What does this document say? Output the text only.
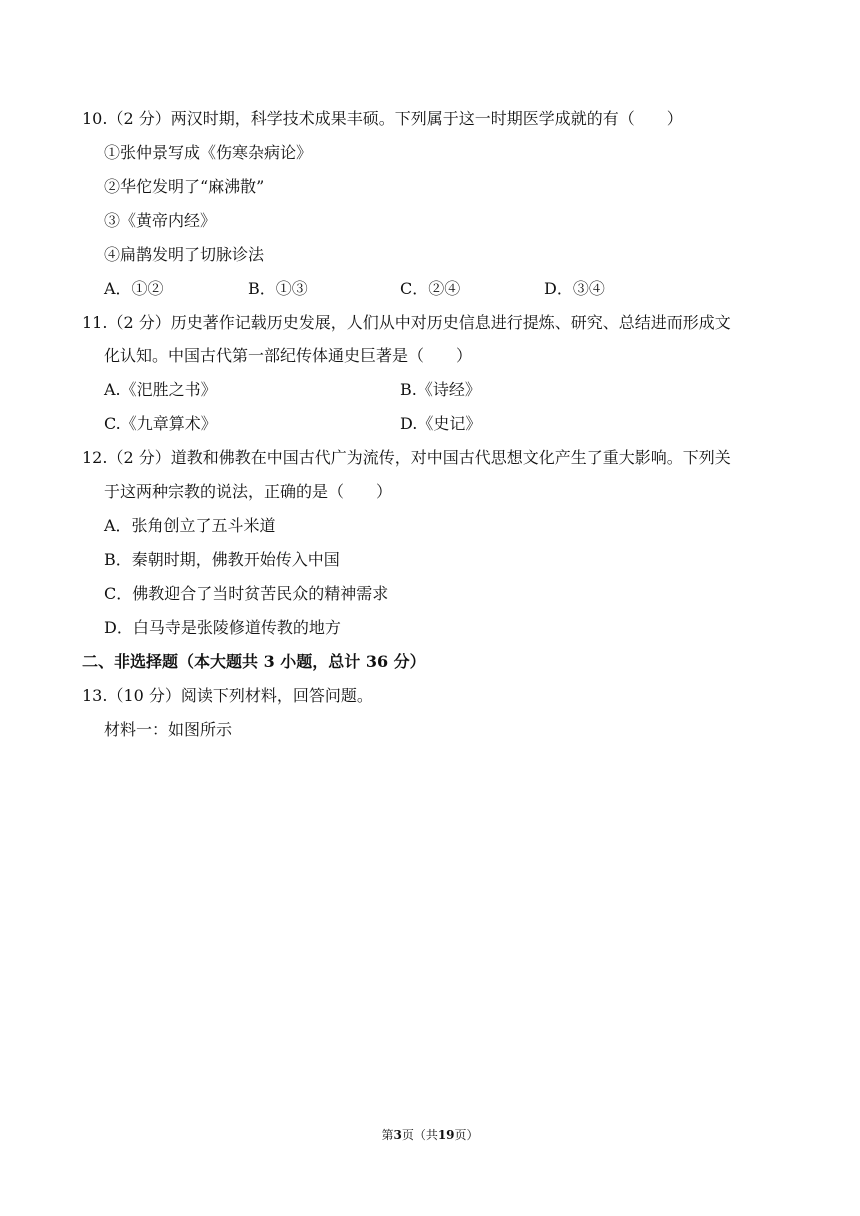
10.（2 分）两汉时期，科学技术成果丰硕。下列属于这一时期医学成就的有（　　）
①张仲景写成《伤寒杂病论》
②华佗发明了“麻沸散”
③《黄帝内经》
④扁鹊发明了切脉诊法
A．①②	B．①③	C．②④	D．③④
11.（2 分）历史著作记载历史发展，人们从中对历史信息进行提炼、研究、总结进而形成文
化认知。中国古代第一部纪传体通史巨著是（　　）
A.《汜胜之书》	B.《诗经》
C.《九章算术》	D.《史记》
12.（2 分）道教和佛教在中国古代广为流传，对中国古代思想文化产生了重大影响。下列关
于这两种宗教的说法，正确的是（　　）
A．张角创立了五斗米道
B．秦朝时期，佛教开始传入中国
C．佛教迎合了当时贫苦民众的精神需求
D．白马寺是张陵修道传教的地方
二、非选择题（本大题共 3 小题，总计 36 分）
13.（10 分）阅读下列材料，回答问题。
材料一：如图所示
第3页（共19页）
